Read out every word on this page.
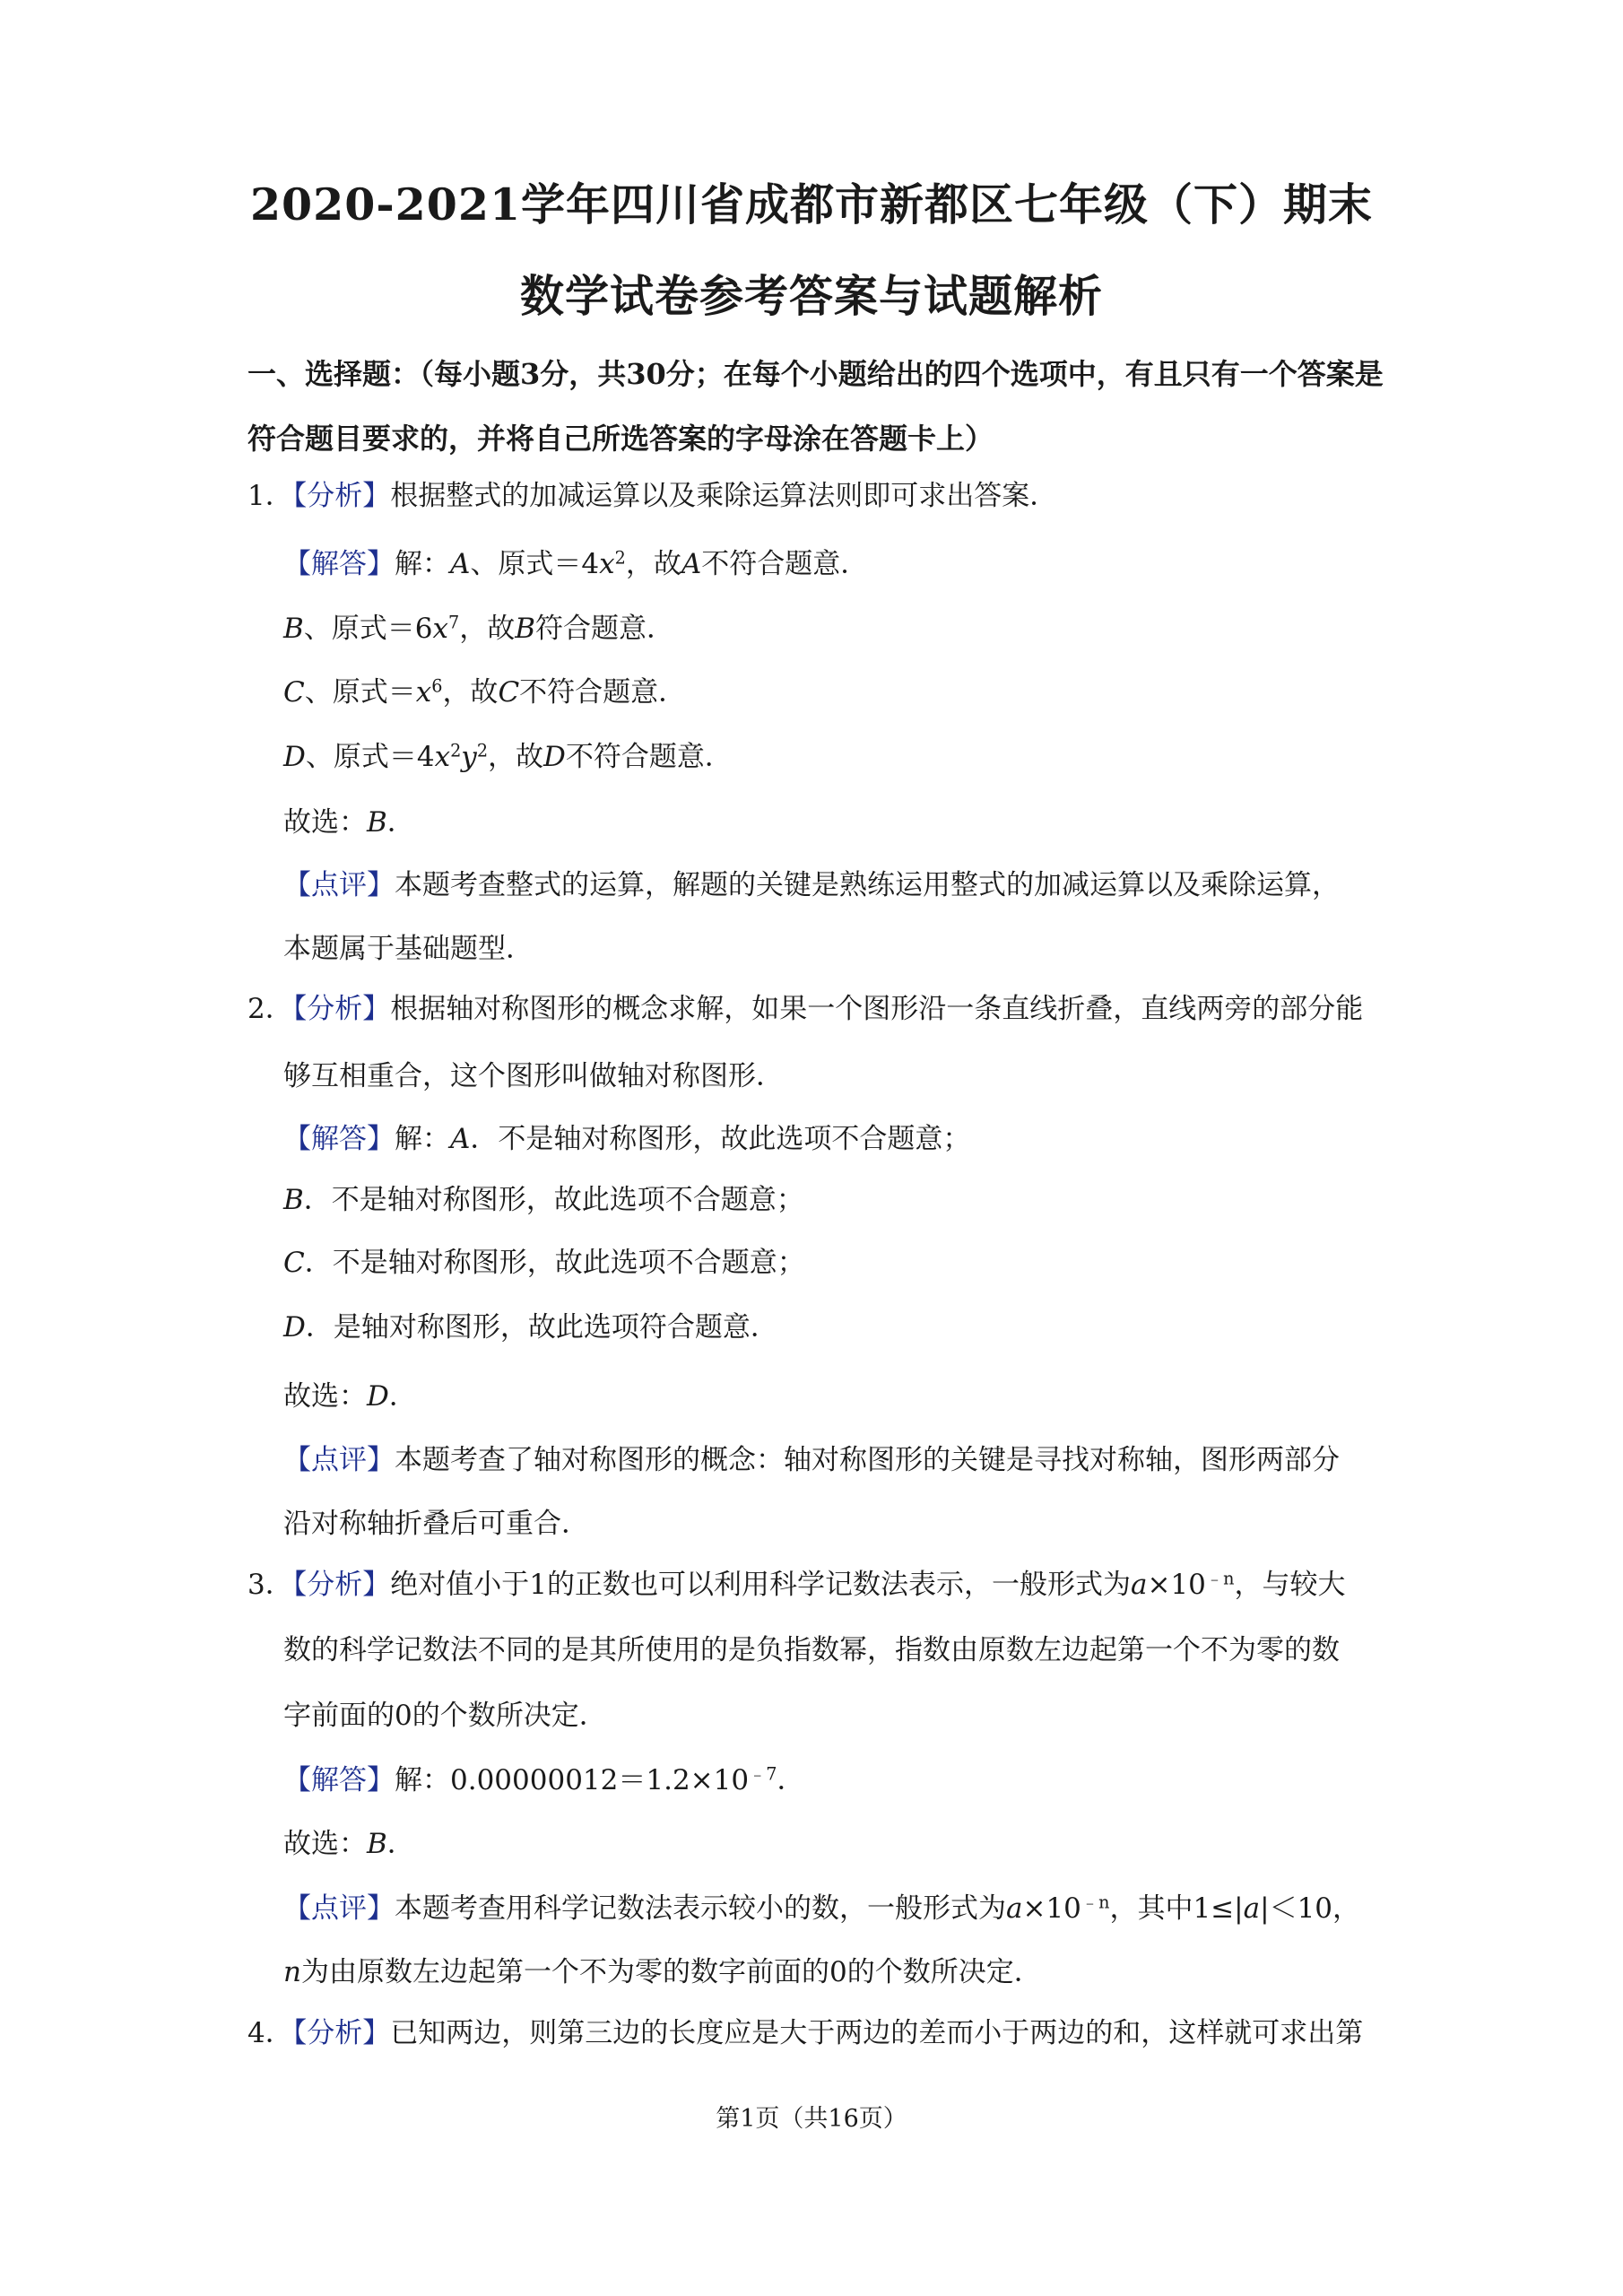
2020-2021学年四川省成都市新都区七年级（下）期末
数学试卷参考答案与试题解析
一、选择题：（每小题3分，共30分；在每个小题给出的四个选项中，有且只有一个答案是符合题目要求的，并将自己所选答案的字母涂在答题卡上）
1．【分析】根据整式的加减运算以及乘除运算法则即可求出答案．
【解答】解：A、原式$=4x^2$，故A不符合题意．
B、原式$=6x^7$，故B符合题意．
C、原式$=x^6$，故C不符合题意．
D、原式$=4x^2y^2$，故D不符合题意．
故选：B．
【点评】本题考查整式的运算，解题的关键是熟练运用整式的加减运算以及乘除运算，
本题属于基础题型．
2．【分析】根据轴对称图形的概念求解，如果一个图形沿一条直线折叠，直线两旁的部分能
够互相重合，这个图形叫做轴对称图形．
【解答】解：A．不是轴对称图形，故此选项不合题意；
B．不是轴对称图形，故此选项不合题意；
C．不是轴对称图形，故此选项不合题意；
D．是轴对称图形，故此选项符合题意．
故选：D．
【点评】本题考查了轴对称图形的概念：轴对称图形的关键是寻找对称轴，图形两部分
沿对称轴折叠后可重合．
3．【分析】绝对值小于1的正数也可以利用科学记数法表示，一般形式为$a\times 10^{﹣n}$，与较大
数的科学记数法不同的是其所使用的是负指数幂，指数由原数左边起第一个不为零的数
字前面的0的个数所决定．
【解答】解：$0.00000012=1.2\times 10^{﹣7}$．
故选：B．
【点评】本题考查用科学记数法表示较小的数，一般形式为$a\times 10^{﹣n}$，其中1≤|a|＜10，
n为由原数左边起第一个不为零的数字前面的0的个数所决定．
4．【分析】已知两边，则第三边的长度应是大于两边的差而小于两边的和，这样就可求出第
第1页（共16页）
